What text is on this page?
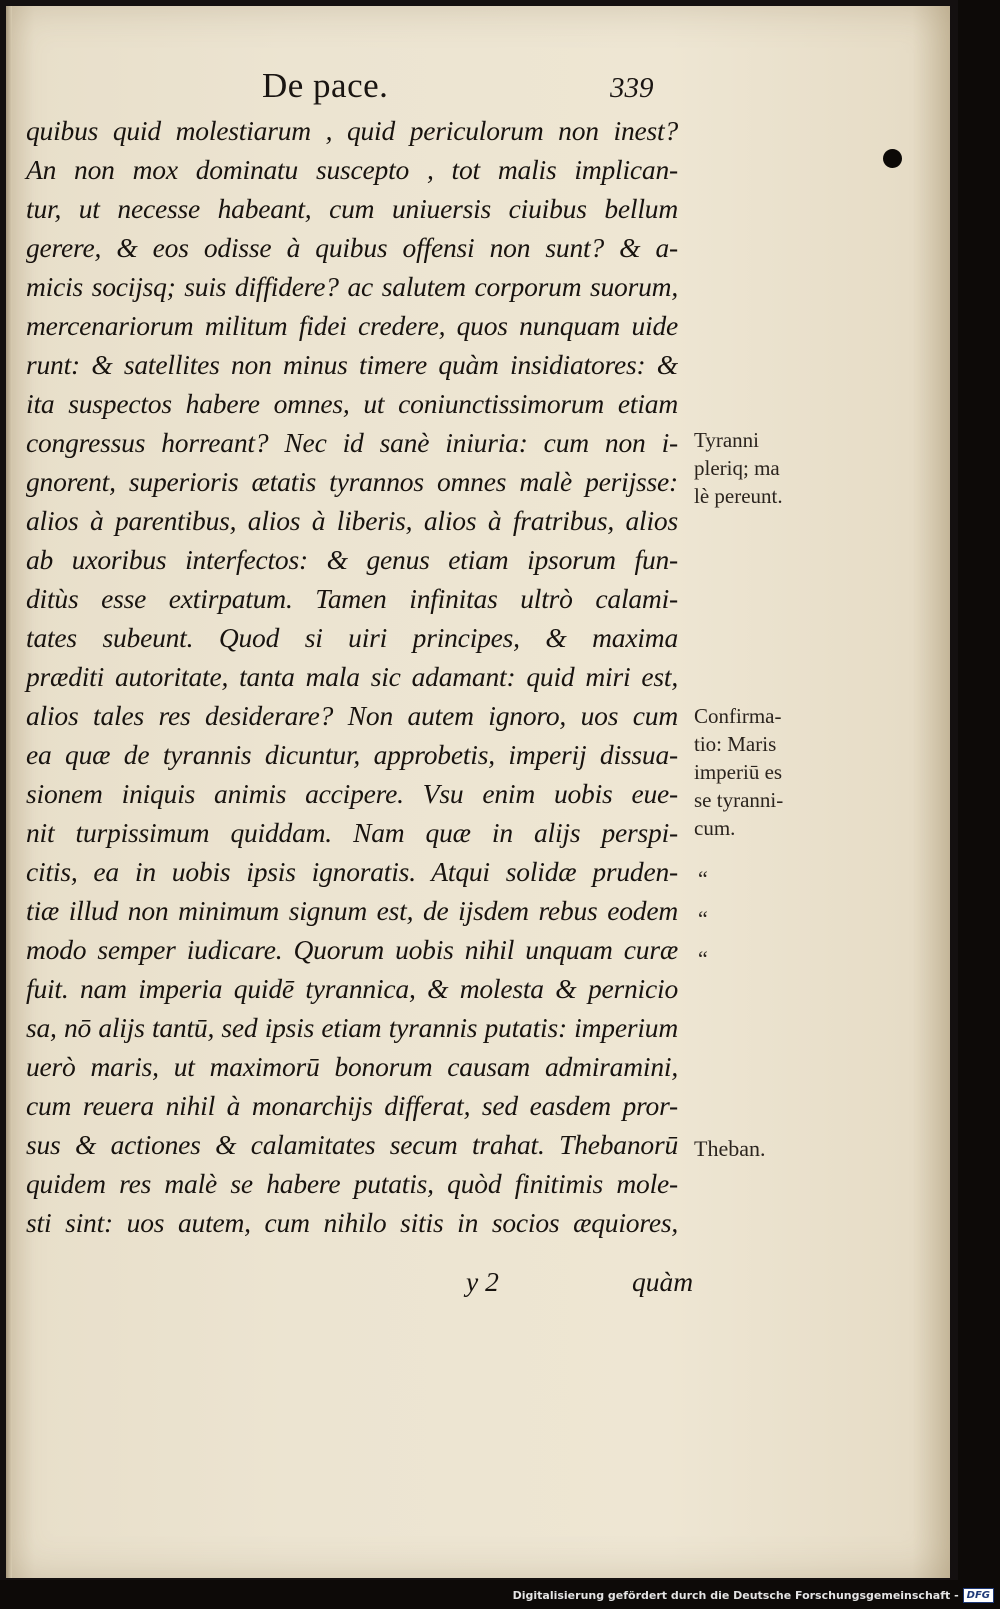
De pace.	339
quibus quid molestiarum , quid periculorum non inest?
An non mox dominatu suscepto , tot malis implican-
tur, ut necesse habeant, cum uniuersis ciuibus bellum
gerere, & eos odisse à quibus offensi non sunt? & a-
micis socijsq; suis diffidere? ac salutem corporum suorum,
mercenariorum militum fidei credere, quos nunquam uide
runt: & satellites non minus timere quàm insidiatores: &
ita suspectos habere omnes, ut coniunctissimorum etiam
congressus horreant? Nec id sanè iniuria: cum non i-
gnorent, superioris ætatis tyrannos omnes malè perijsse:
alios à parentibus, alios à liberis, alios à fratribus, alios
ab uxoribus interfectos: & genus etiam ipsorum fun-
ditùs esse extirpatum. Tamen infinitas ultrò calami-
tates subeunt. Quod si uiri principes, & maxima
præditi autoritate, tanta mala sic adamant: quid miri est,
alios tales res desiderare? Non autem ignoro, uos cum
ea quæ de tyrannis dicuntur, approbetis, imperij dissua-
sionem iniquis animis accipere. Vsu enim uobis eue-
nit turpissimum quiddam. Nam quæ in alijs perspi-
citis, ea in uobis ipsis ignoratis. Atqui solidæ pruden-
tiæ illud non minimum signum est, de ijsdem rebus eodem
modo semper iudicare. Quorum uobis nihil unquam curæ
fuit. nam imperia quidē tyrannica, & molesta & pernicio
sa, nō alijs tantū, sed ipsis etiam tyrannis putatis: imperium
uerò maris, ut maximorū bonorum causam admiramini,
cum reuera nihil à monarchijs differat, sed easdem pror-
sus & actiones & calamitates secum trahat. Thebanorū
quidem res malè se habere putatis, quòd finitimis mole-
sti sint: uos autem, cum nihilo sitis in socios æquiores,
y 2	quàm
Tyranni
pleriq; ma
lè pereunt.
Confirma-
tio: Maris
imperiū es
se tyranni-
cum.
“
“
“
Theban.
Digitalisierung gefördert durch die Deutsche Forschungsgemeinschaft - DFG
